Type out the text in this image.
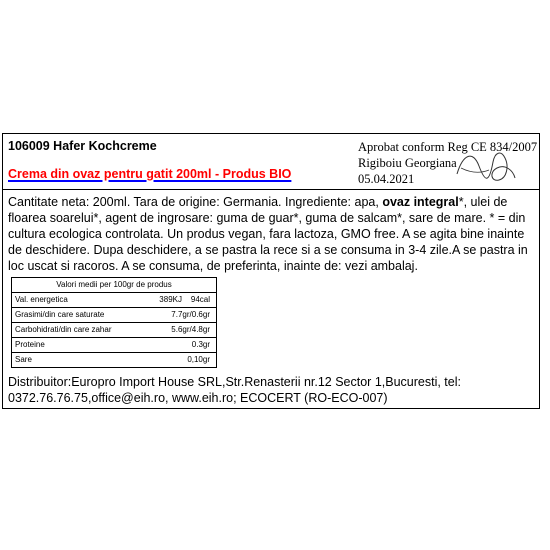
106009 Hafer Kochcreme
Crema din ovaz pentru gatit 200ml - Produs BIO
Aprobat conform Reg CE 834/2007
Rigiboiu Georgiana
05.04.2021
Cantitate neta: 200ml. Tara de origine: Germania. Ingrediente: apa, ovaz integral*, ulei de floarea soarelui*, agent de ingrosare: guma de guar*, guma de salcam*, sare de mare. * = din cultura ecologica controlata. Un produs vegan, fara lactoza, GMO free. A se agita bine inainte de deschidere. Dupa deschidere, a se pastra la rece si a se consuma in 3-4 zile.A se pastra in loc uscat si racoros. A se consuma, de preferinta, inainte de: vezi ambalaj.
Valori medii per 100gr de produs
Val. energetica	389KJ    94cal
Grasimi/din care saturate	7.7gr/0.6gr
Carbohidrati/din care zahar	5.6gr/4.8gr
Proteine	0.3gr
Sare	0,10gr
Distribuitor:Europro Import House SRL,Str.Renasterii nr.12 Sector 1,Bucuresti, tel: 0372.76.76.75,office@eih.ro, www.eih.ro; ECOCERT (RO-ECO-007)
